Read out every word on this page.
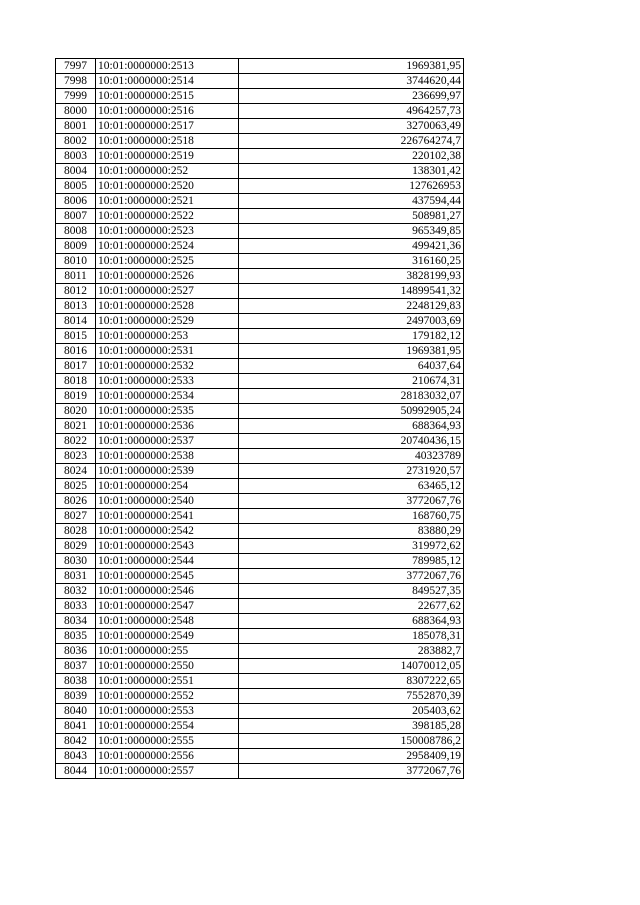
7997	10:01:0000000:2513	1969381,95
7998	10:01:0000000:2514	3744620,44
7999	10:01:0000000:2515	236699,97
8000	10:01:0000000:2516	4964257,73
8001	10:01:0000000:2517	3270063,49
8002	10:01:0000000:2518	226764274,7
8003	10:01:0000000:2519	220102,38
8004	10:01:0000000:252	138301,42
8005	10:01:0000000:2520	127626953
8006	10:01:0000000:2521	437594,44
8007	10:01:0000000:2522	508981,27
8008	10:01:0000000:2523	965349,85
8009	10:01:0000000:2524	499421,36
8010	10:01:0000000:2525	316160,25
8011	10:01:0000000:2526	3828199,93
8012	10:01:0000000:2527	14899541,32
8013	10:01:0000000:2528	2248129,83
8014	10:01:0000000:2529	2497003,69
8015	10:01:0000000:253	179182,12
8016	10:01:0000000:2531	1969381,95
8017	10:01:0000000:2532	64037,64
8018	10:01:0000000:2533	210674,31
8019	10:01:0000000:2534	28183032,07
8020	10:01:0000000:2535	50992905,24
8021	10:01:0000000:2536	688364,93
8022	10:01:0000000:2537	20740436,15
8023	10:01:0000000:2538	40323789
8024	10:01:0000000:2539	2731920,57
8025	10:01:0000000:254	63465,12
8026	10:01:0000000:2540	3772067,76
8027	10:01:0000000:2541	168760,75
8028	10:01:0000000:2542	83880,29
8029	10:01:0000000:2543	319972,62
8030	10:01:0000000:2544	789985,12
8031	10:01:0000000:2545	3772067,76
8032	10:01:0000000:2546	849527,35
8033	10:01:0000000:2547	22677,62
8034	10:01:0000000:2548	688364,93
8035	10:01:0000000:2549	185078,31
8036	10:01:0000000:255	283882,7
8037	10:01:0000000:2550	14070012,05
8038	10:01:0000000:2551	8307222,65
8039	10:01:0000000:2552	7552870,39
8040	10:01:0000000:2553	205403,62
8041	10:01:0000000:2554	398185,28
8042	10:01:0000000:2555	150008786,2
8043	10:01:0000000:2556	2958409,19
8044	10:01:0000000:2557	3772067,76
